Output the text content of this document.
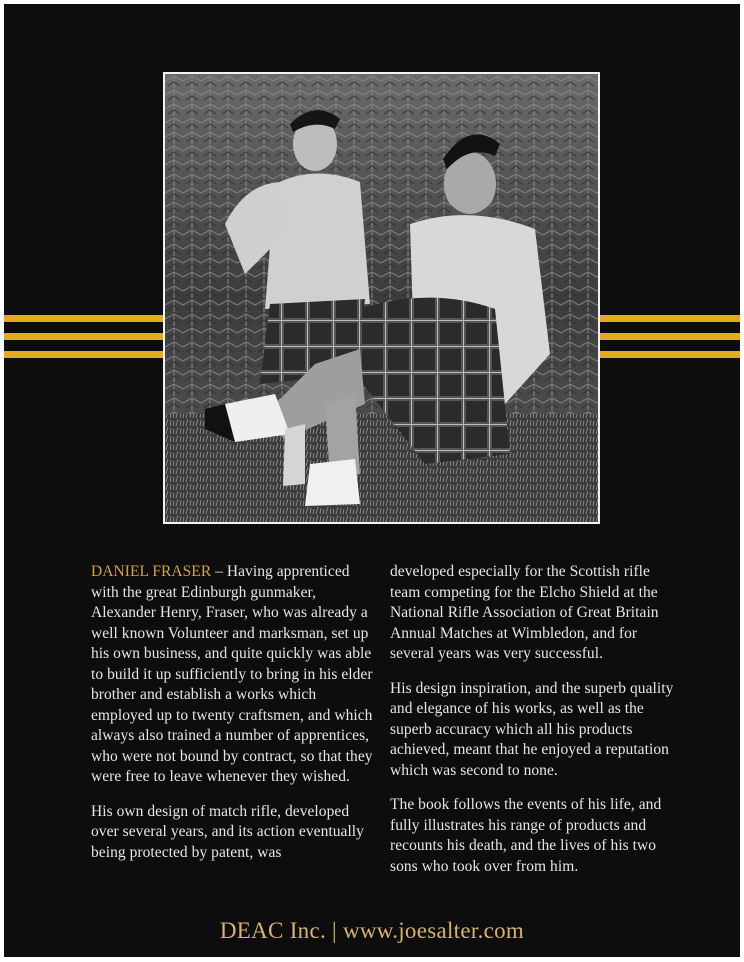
DANIEL FRASER – Having apprenticed with the great Edinburgh gunmaker, Alexander Henry, Fraser, who was already a well known Volunteer and marksman, set up his own business, and quite quickly was able to build it up sufficiently to bring in his elder brother and establish a works which employed up to twenty craftsmen, and which always also trained a number of apprentices, who were not bound by contract, so that they were free to leave whenever they wished.

His own design of match rifle, developed over several years, and its action eventually being protected by patent, was

developed especially for the Scottish rifle team competing for the Elcho Shield at the National Rifle Association of Great Britain Annual Matches at Wimbledon, and for several years was very successful.

His design inspiration, and the superb quality and elegance of his works, as well as the superb accuracy which all his products achieved, meant that he enjoyed a reputation which was second to none.

The book follows the events of his life, and fully illustrates his range of products and recounts his death, and the lives of his two sons who took over from him.

DEAC Inc. | www.joesalter.com
